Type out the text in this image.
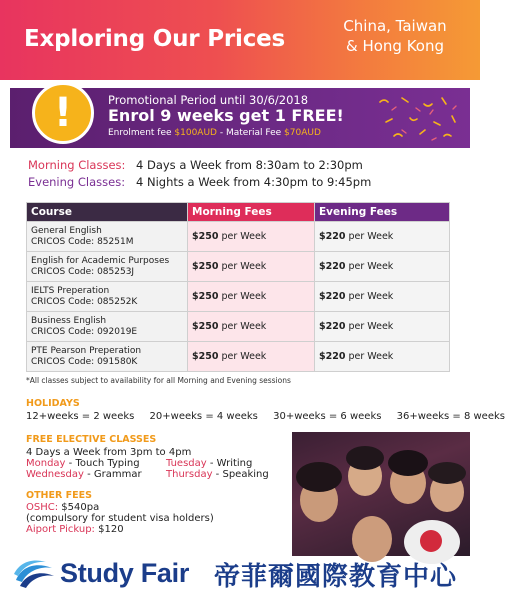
Exploring Our Prices	China, Taiwan
& Hong Kong
!	Promotional Period until 30/6/2018
Enrol 9 weeks get 1 FREE!
Enrolment fee $100AUD - Material Fee $70AUD
Morning Classes: 4 Days a Week from 8:30am to 2:30pm
Evening Classes: 4 Nights a Week from 4:30pm to 9:45pm
Course	Morning Fees	Evening Fees

General English
CRICOS Code: 85251M	$250 per Week	$220 per Week

English for Academic Purposes
CRICOS Code: 085253J	$250 per Week	$220 per Week

IELTS Preperation
CRICOS Code: 085252K	$250 per Week	$220 per Week

Business English
CRICOS Code: 092019E	$250 per Week	$220 per Week

PTE Pearson Preperation
CRICOS Code: 091580K	$250 per Week	$220 per Week
*All classes subject to availability for all Morning and Evening sessions
HOLIDAYS
12+weeks = 2 weeks 20+weeks = 4 weeks 30+weeks = 6 weeks 36+weeks = 8 weeks
FREE ELECTIVE CLASSES
4 Days a Week from 3pm to 4pm
Monday - Touch Typing	Tuesday - Writing
Wednesday - Grammar	Thursday - Speaking
OTHER FEES
OSHC: $540pa
(compulsory for student visa holders)
Aiport Pickup: $120
Study Fair 帝菲爾國際教育中心
